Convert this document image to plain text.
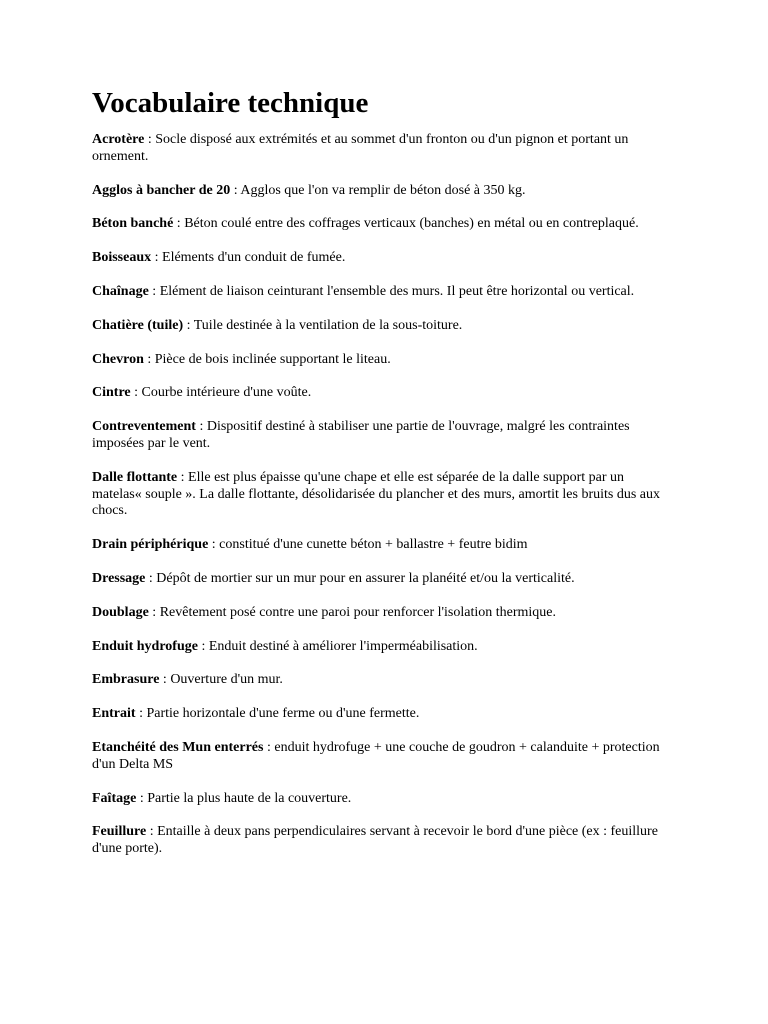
Vocabulaire technique

Acrotère : Socle disposé aux extrémités et au sommet d'un fronton ou d'un pignon et portant un ornement.

Agglos à bancher de 20 : Agglos que l'on va remplir de béton dosé à 350 kg.

Béton banché : Béton coulé entre des coffrages verticaux (banches) en métal ou en contreplaqué.

Boisseaux : Eléments d'un conduit de fumée.

Chaînage : Elément de liaison ceinturant l'ensemble des murs. Il peut être horizontal ou vertical.

Chatière (tuile) : Tuile destinée à la ventilation de la sous-toiture.

Chevron : Pièce de bois inclinée supportant le liteau.

Cintre : Courbe intérieure d'une voûte.

Contreventement : Dispositif destiné à stabiliser une partie de l'ouvrage, malgré les contraintes imposées par le vent.

Dalle flottante : Elle est plus épaisse qu'une chape et elle est séparée de la dalle support par un matelas« souple ». La dalle flottante, désolidarisée du plancher et des murs, amortit les bruits dus aux chocs.

Drain périphérique : constitué d'une cunette béton + ballastre + feutre bidim

Dressage : Dépôt de mortier sur un mur pour en assurer la planéité et/ou la verticalité.

Doublage : Revêtement posé contre une paroi pour renforcer l'isolation thermique.

Enduit hydrofuge : Enduit destiné à améliorer l'imperméabilisation.

Embrasure : Ouverture d'un mur.

Entrait : Partie horizontale d'une ferme ou d'une fermette.

Etanchéité des Mun enterrés : enduit hydrofuge + une couche de goudron + calanduite + protection d'un Delta MS

Faîtage : Partie la plus haute de la couverture.

Feuillure : Entaille à deux pans perpendiculaires servant à recevoir le bord d'une pièce (ex : feuillure d'une porte).
